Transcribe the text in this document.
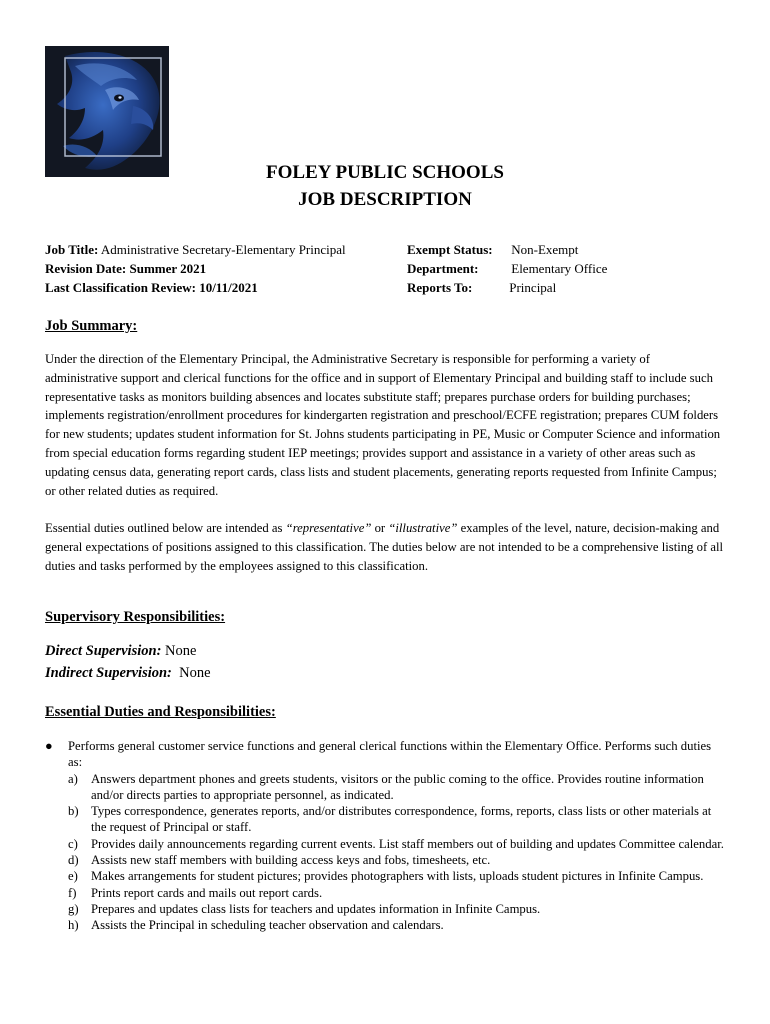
FOLEY PUBLIC SCHOOLS
JOB DESCRIPTION
Job Title: Administrative Secretary-Elementary Principal
Revision Date: Summer 2021
Last Classification Review: 10/11/2021
Exempt Status: Non-Exempt
Department:	Elementary Office
Reports To:	Principal
Job Summary:

Under the direction of the Elementary Principal, the Administrative Secretary is responsible for performing a variety of administrative support and clerical functions for the office and in support of Elementary Principal and building staff to include such representative tasks as monitors building absences and locates substitute staff; prepares purchase orders for building purchases; implements registration/enrollment procedures for kindergarten registration and preschool/ECFE registration; prepares CUM folders for new students; updates student information for St. Johns students participating in PE, Music or Computer Science and information from special education forms regarding student IEP meetings; provides support and assistance in a variety of other areas such as updating census data, generating report cards, class lists and student placements, generating reports requested from Infinite Campus; or other related duties as required.

Essential duties outlined below are intended as “representative” or “illustrative” examples of the level, nature, decision-making and general expectations of positions assigned to this classification. The duties below are not intended to be a comprehensive listing of all duties and tasks performed by the employees assigned to this classification.

Supervisory Responsibilities:
Direct Supervision: None
Indirect Supervision:  None
Essential Duties and Responsibilities:
● Performs general customer service functions and general clerical functions within the Elementary Office. Performs such duties as:
a) Answers department phones and greets students, visitors or the public coming to the office. Provides routine information and/or directs parties to appropriate personnel, as indicated.
b) Types correspondence, generates reports, and/or distributes correspondence, forms, reports, class lists or other materials at the request of Principal or staff.
c) Provides daily announcements regarding current events. List staff members out of building and updates Committee calendar.
d) Assists new staff members with building access keys and fobs, timesheets, etc.
e) Makes arrangements for student pictures; provides photographers with lists, uploads student pictures in Infinite Campus.
f) Prints report cards and mails out report cards.
g) Prepares and updates class lists for teachers and updates information in Infinite Campus.
h) Assists the Principal in scheduling teacher observation and calendars.
